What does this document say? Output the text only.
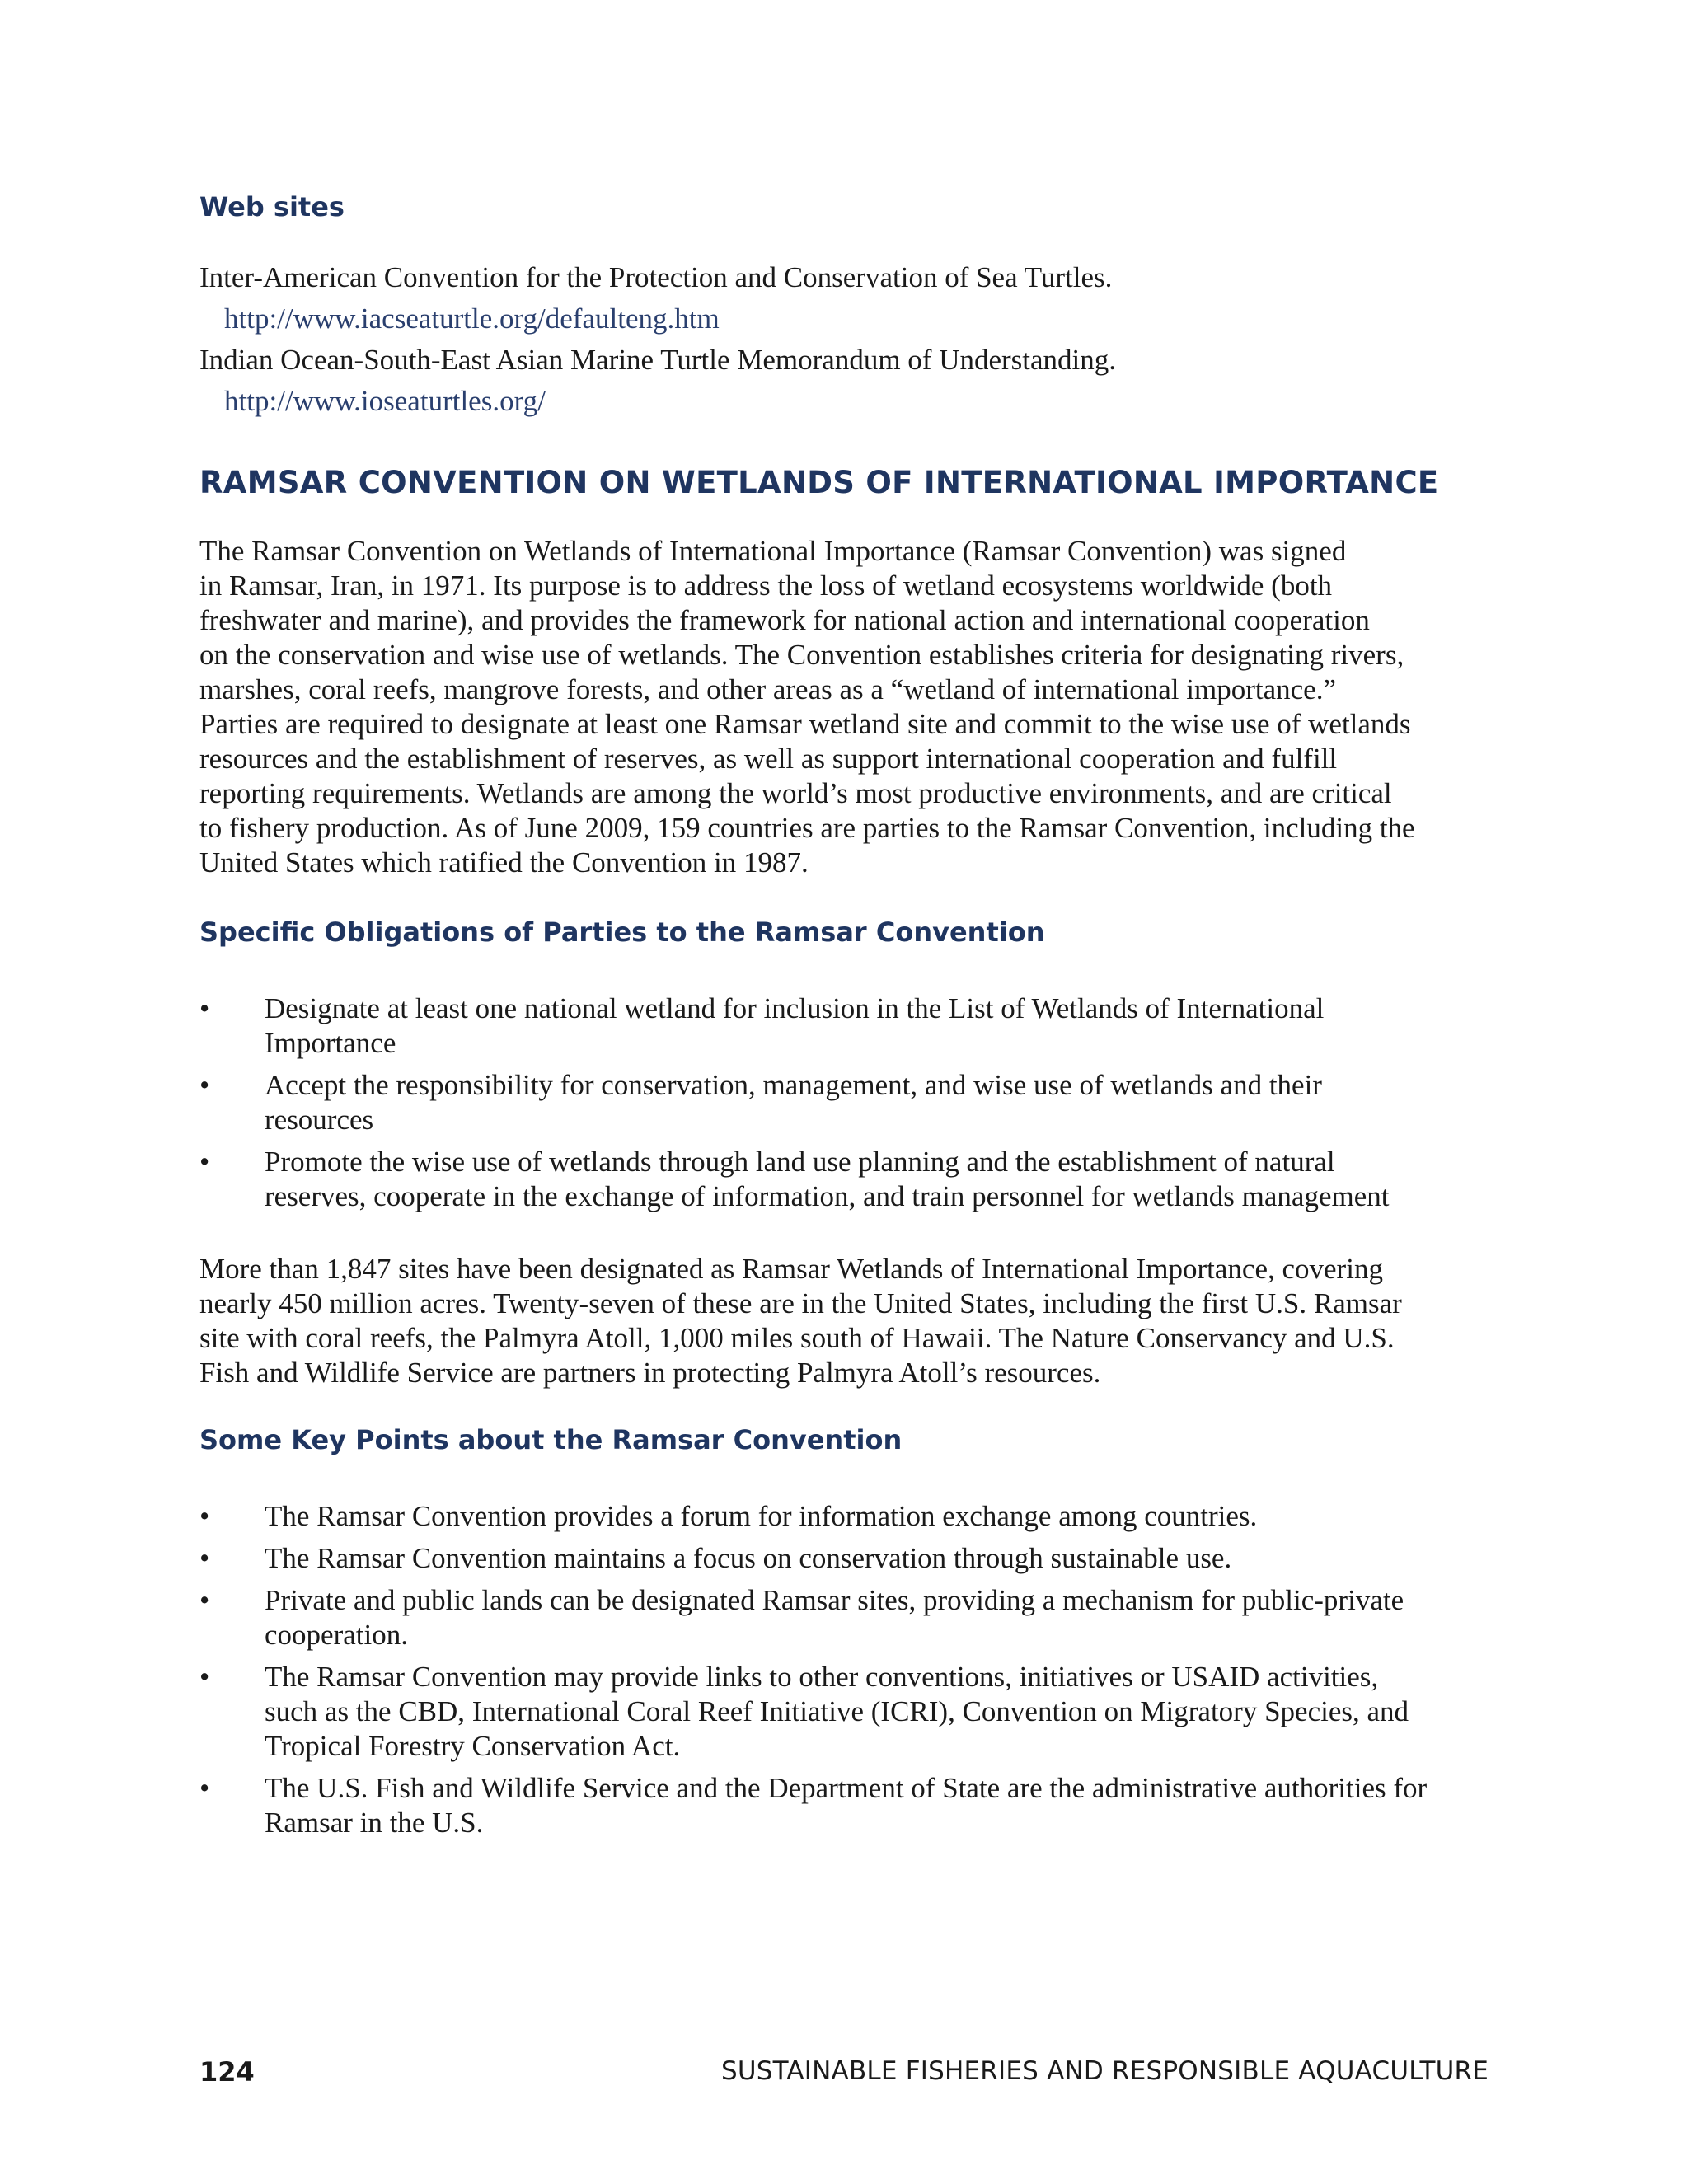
Web sites

Inter-American Convention for the Protection and Conservation of Sea Turtles.

http://www.iacseaturtle.org/defaulteng.htm

Indian Ocean-South-East Asian Marine Turtle Memorandum of Understanding.

http://www.ioseaturtles.org/

RAMSAR CONVENTION ON WETLANDS OF INTERNATIONAL IMPORTANCE
The Ramsar Convention on Wetlands of International Importance (Ramsar Convention) was signed
in Ramsar, Iran, in 1971. Its purpose is to address the loss of wetland ecosystems worldwide (both
freshwater and marine), and provides the framework for national action and international cooperation
on the conservation and wise use of wetlands. The Convention establishes criteria for designating rivers,
marshes, coral reefs, mangrove forests, and other areas as a “wetland of international importance.”
Parties are required to designate at least one Ramsar wetland site and commit to the wise use of wetlands
resources and the establishment of reserves, as well as support international cooperation and fulfill
reporting requirements. Wetlands are among the world’s most productive environments, and are critical
to fishery production. As of June 2009, 159 countries are parties to the Ramsar Convention, including the
United States which ratified the Convention in 1987.
Specific Obligations of Parties to the Ramsar Convention
• Designate at least one national wetland for inclusion in the List of Wetlands of International
Importance
• Accept the responsibility for conservation, management, and wise use of wetlands and their
resources
• Promote the wise use of wetlands through land use planning and the establishment of natural
reserves, cooperate in the exchange of information, and train personnel for wetlands management
More than 1,847 sites have been designated as Ramsar Wetlands of International Importance, covering
nearly 450 million acres. Twenty-seven of these are in the United States, including the first U.S. Ramsar
site with coral reefs, the Palmyra Atoll, 1,000 miles south of Hawaii. The Nature Conservancy and U.S.
Fish and Wildlife Service are partners in protecting Palmyra Atoll’s resources.
Some Key Points about the Ramsar Convention
• The Ramsar Convention provides a forum for information exchange among countries.
• The Ramsar Convention maintains a focus on conservation through sustainable use.
• Private and public lands can be designated Ramsar sites, providing a mechanism for public-private
cooperation.
• The Ramsar Convention may provide links to other conventions, initiatives or USAID activities,
such as the CBD, International Coral Reef Initiative (ICRI), Convention on Migratory Species, and
Tropical Forestry Conservation Act.
• The U.S. Fish and Wildlife Service and the Department of State are the administrative authorities for
Ramsar in the U.S.
124	SUSTAINABLE FISHERIES AND RESPONSIBLE AQUACULTURE
